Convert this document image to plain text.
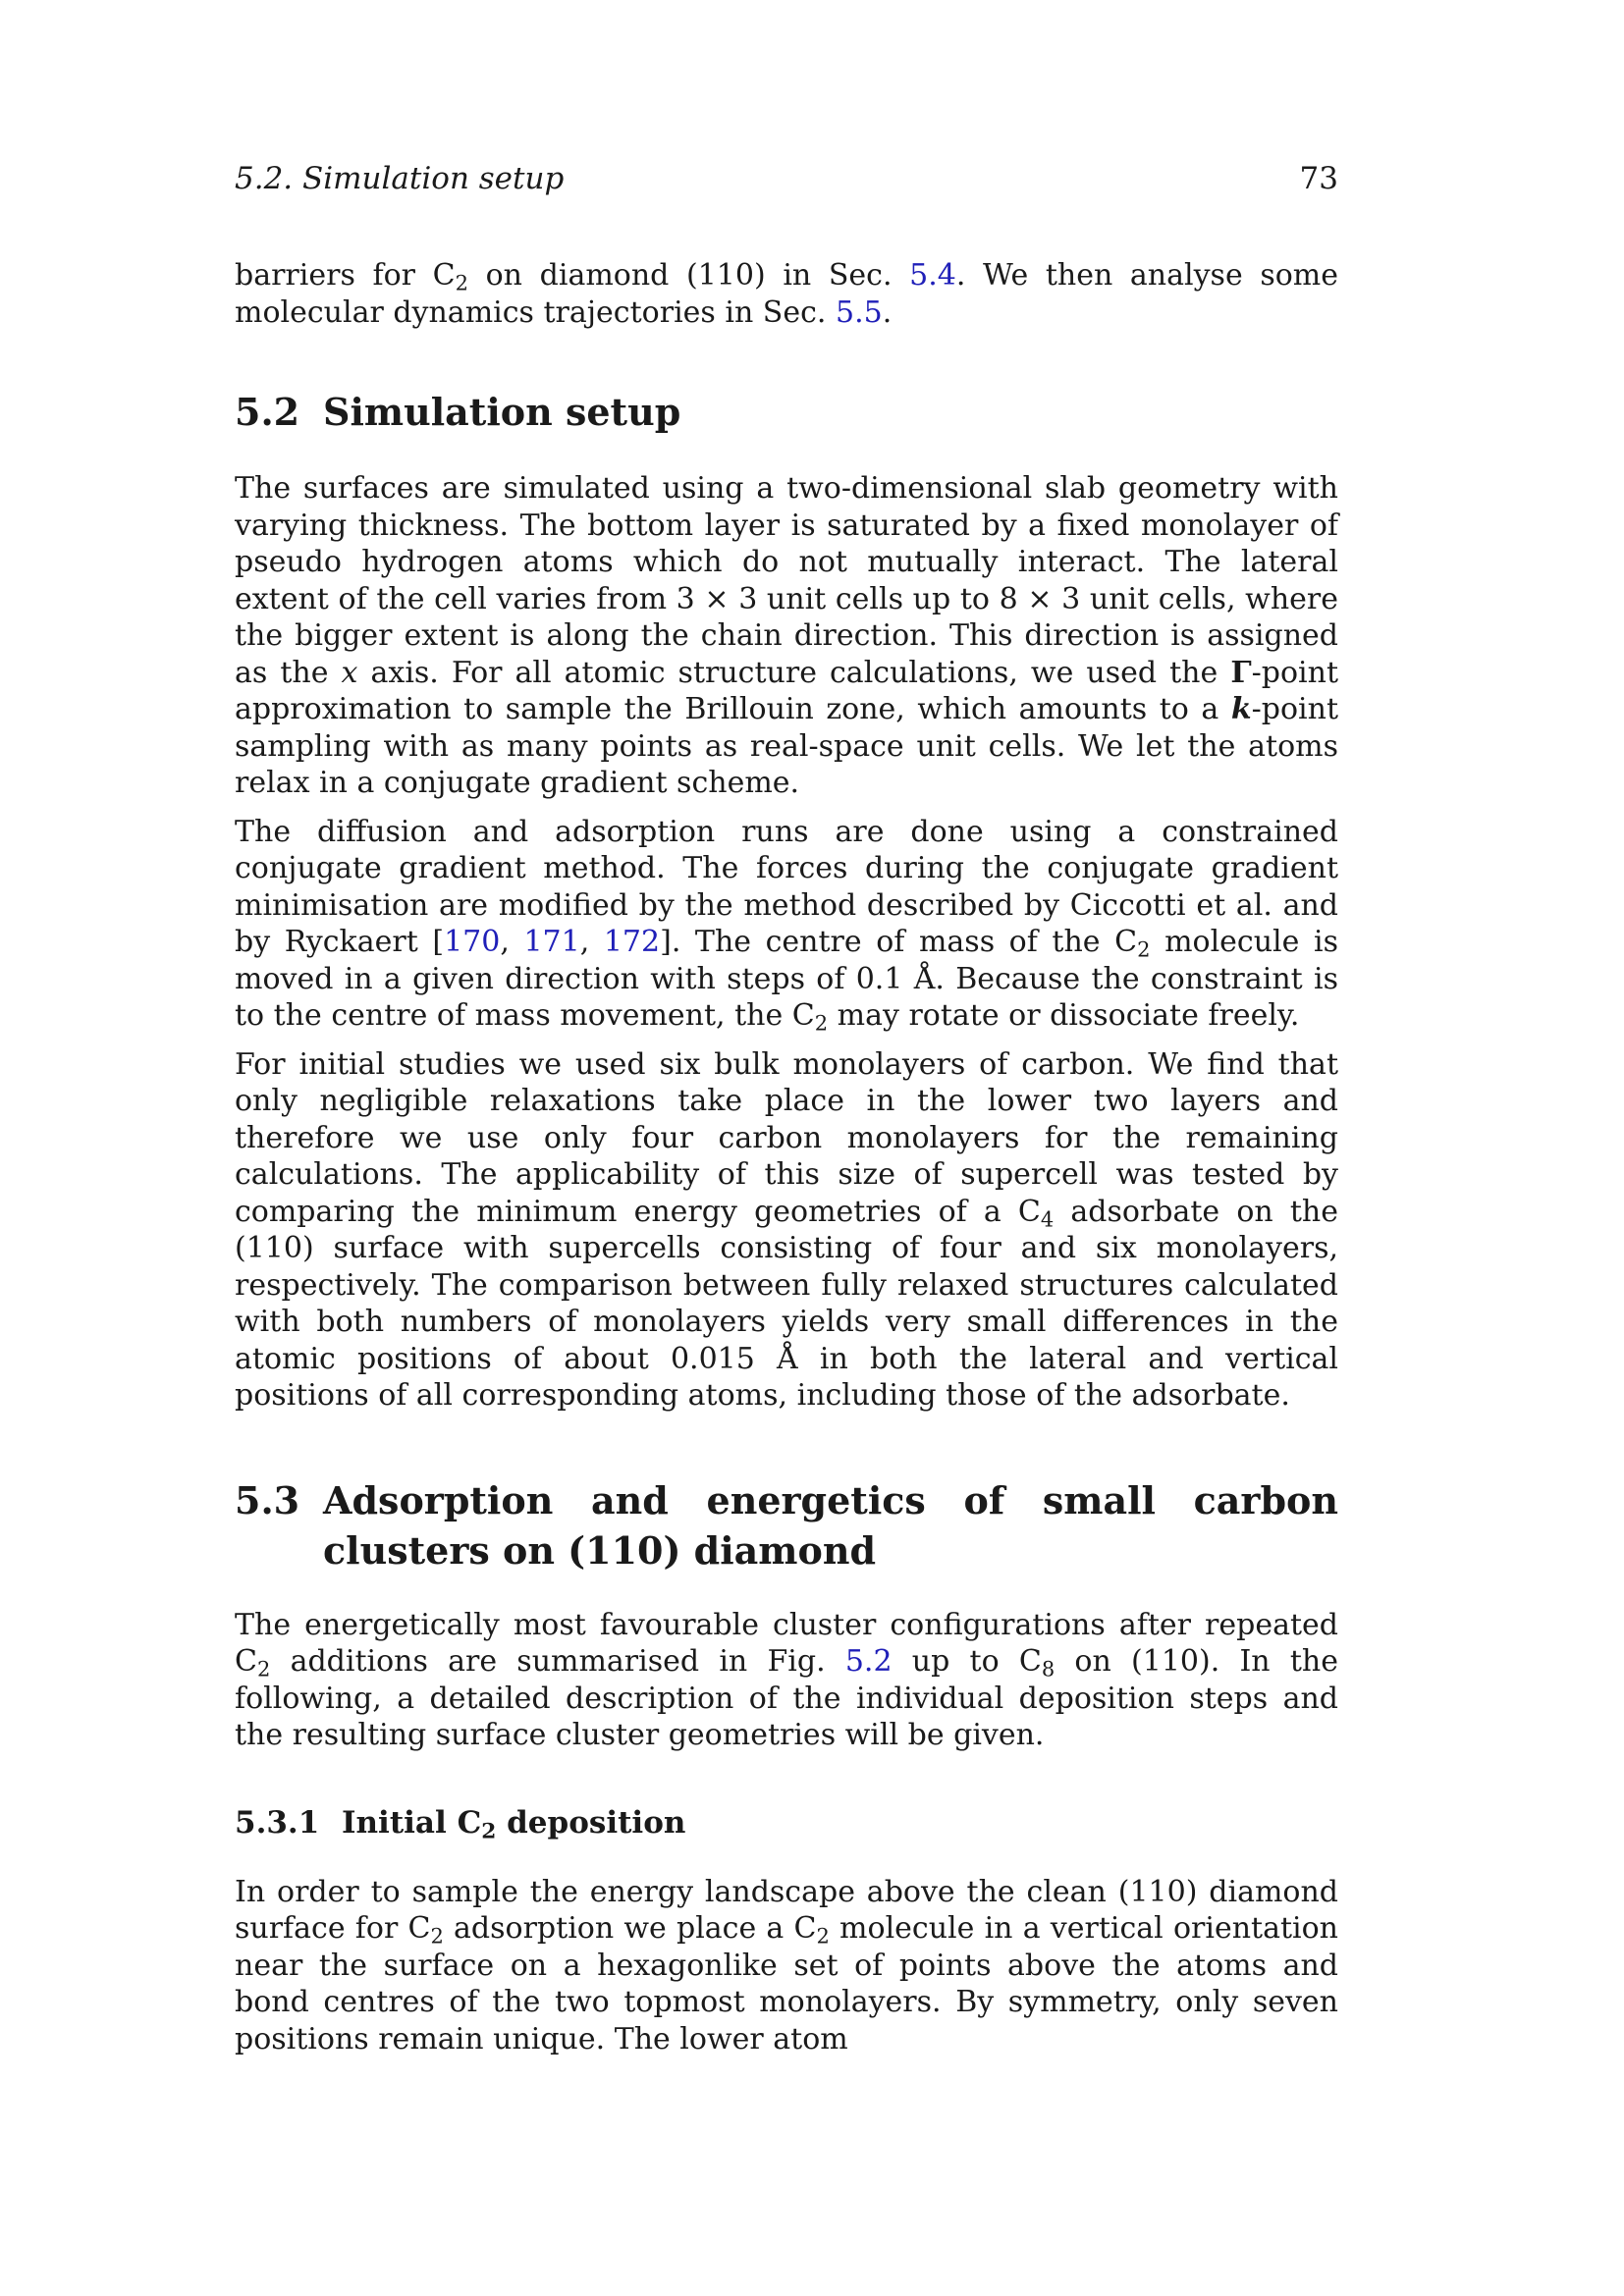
5.2. Simulation setup	73

barriers for $C_2$ on diamond (110) in Sec. 5.4. We then analyse some molecular dynamics trajectories in Sec. 5.5.

5.2 Simulation setup

The surfaces are simulated using a two-dimensional slab geometry with varying thickness. The bottom layer is saturated by a fixed monolayer of pseudo hydrogen atoms which do not mutually interact. The lateral extent of the cell varies from 3 × 3 unit cells up to 8 × 3 unit cells, where the bigger extent is along the chain direction. This direction is assigned as the x axis. For all atomic structure calculations, we used the Γ-point approximation to sample the Brillouin zone, which amounts to a k-point sampling with as many points as real-space unit cells. We let the atoms relax in a conjugate gradient scheme.

The diffusion and adsorption runs are done using a constrained conjugate gradient method. The forces during the conjugate gradient minimisation are modified by the method described by Ciccotti et al. and by Ryckaert [170, 171, 172]. The centre of mass of the $C_2$ molecule is moved in a given direction with steps of 0.1 Å. Because the constraint is to the centre of mass movement, the $C_2$ may rotate or dissociate freely.

For initial studies we used six bulk monolayers of carbon. We find that only negligible relaxations take place in the lower two layers and therefore we use only four carbon monolayers for the remaining calculations. The applicability of this size of supercell was tested by comparing the minimum energy geometries of a $C_4$ adsorbate on the (110) surface with supercells consisting of four and six monolayers, respectively. The comparison between fully relaxed structures calculated with both numbers of monolayers yields very small differences in the atomic positions of about 0.015 Å in both the lateral and vertical positions of all corresponding atoms, including those of the adsorbate.

5.3 Adsorption and energetics of small carbon clusters on (110) diamond

The energetically most favourable cluster configurations after repeated $C_2$ additions are summarised in Fig. 5.2 up to $C_8$ on (110). In the following, a detailed description of the individual deposition steps and the resulting surface cluster geometries will be given.

5.3.1 Initial $C_2$ deposition

In order to sample the energy landscape above the clean (110) diamond surface for $C_2$ adsorption we place a $C_2$ molecule in a vertical orientation near the surface on a hexagonlike set of points above the atoms and bond centres of the two topmost monolayers. By symmetry, only seven positions remain unique. The lower atom
